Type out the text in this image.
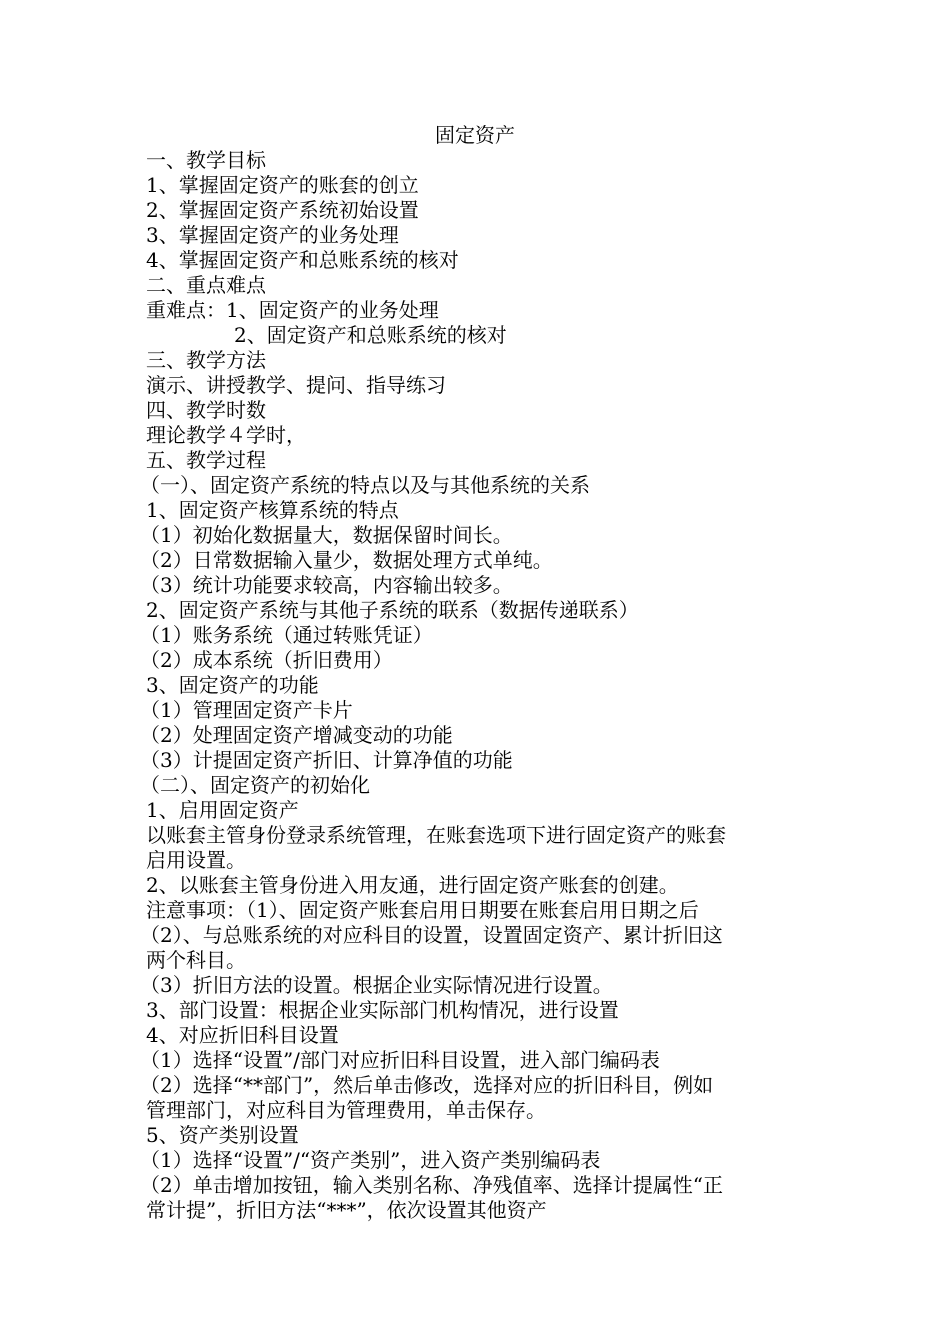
固定资产

一、教学目标

1、掌握固定资产的账套的创立

2、掌握固定资产系统初始设置

3、掌握固定资产的业务处理

4、掌握固定资产和总账系统的核对

二、重点难点

重难点：1、固定资产的业务处理

2、固定资产和总账系统的核对

三、教学方法

演示、讲授教学、提问、指导练习

四、教学时数

理论教学４学时，

五、教学过程

（一）、固定资产系统的特点以及与其他系统的关系

1、固定资产核算系统的特点

（1）初始化数据量大，数据保留时间长。

（2）日常数据输入量少，数据处理方式单纯。

（3）统计功能要求较高，内容输出较多。

2、固定资产系统与其他子系统的联系（数据传递联系）

（1）账务系统（通过转账凭证）

（2）成本系统（折旧费用）

3、固定资产的功能

（1）管理固定资产卡片

（2）处理固定资产增减变动的功能

（3）计提固定资产折旧、计算净值的功能

（二）、固定资产的初始化

1、启用固定资产

以账套主管身份登录系统管理，在账套选项下进行固定资产的账套

启用设置。

2、以账套主管身份进入用友通，进行固定资产账套的创建。

注意事项：（1）、固定资产账套启用日期要在账套启用日期之后

（2）、与总账系统的对应科目的设置，设置固定资产、累计折旧这

两个科目。

（3）折旧方法的设置。根据企业实际情况进行设置。

3、部门设置：根据企业实际部门机构情况，进行设置

4、对应折旧科目设置

（1）选择“设置”/部门对应折旧科目设置，进入部门编码表

（2）选择“**部门”，然后单击修改，选择对应的折旧科目，例如

管理部门，对应科目为管理费用，单击保存。

5、资产类别设置

（1）选择“设置”/“资产类别”，进入资产类别编码表

（2）单击增加按钮，输入类别名称、净残值率、选择计提属性“正

常计提”，折旧方法“***”，依次设置其他资产
